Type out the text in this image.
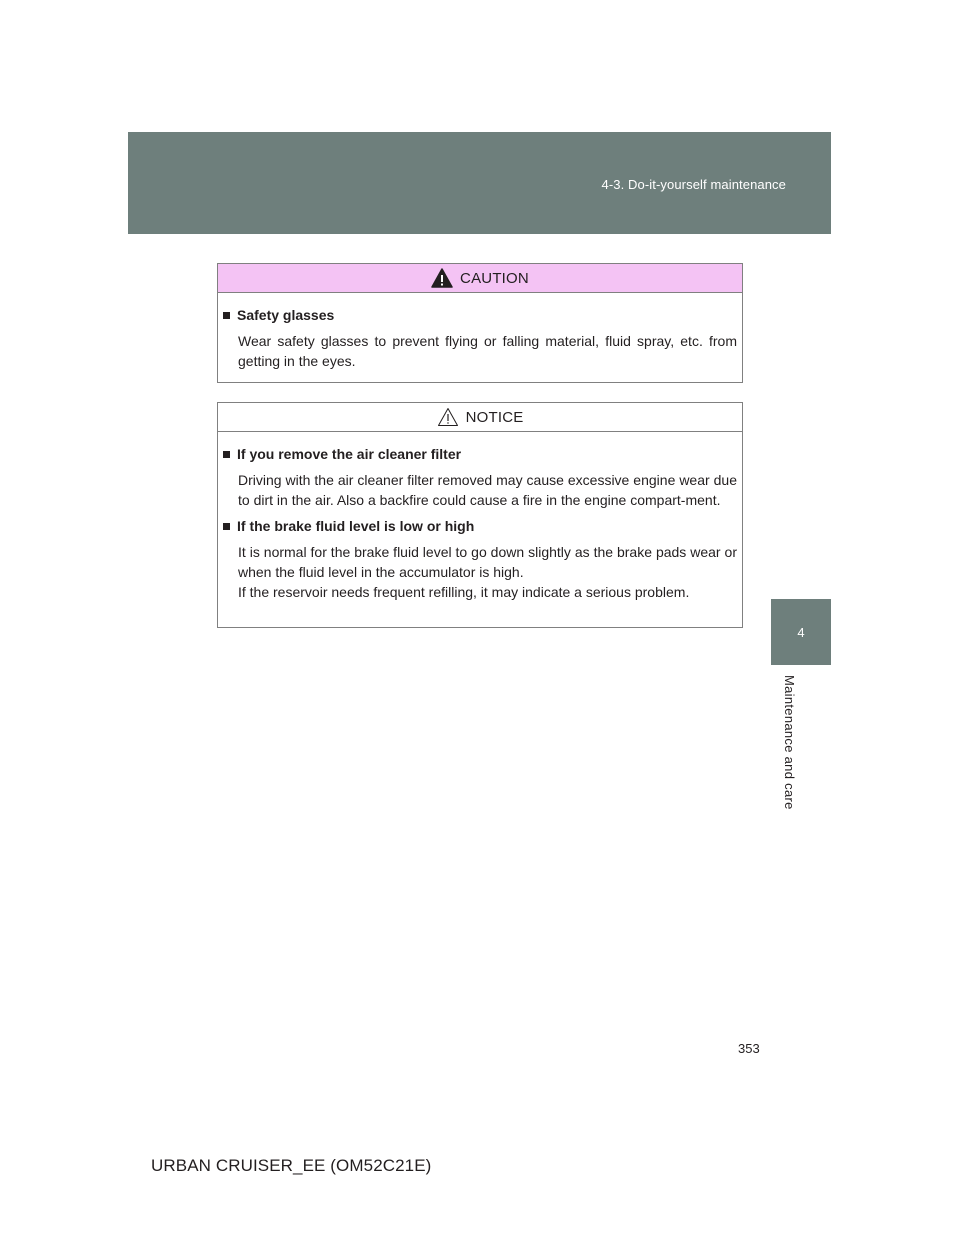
4-3. Do-it-yourself maintenance
4
Maintenance and care
CAUTION
Safety glasses
Wear safety glasses to prevent flying or falling material, fluid spray, etc. from getting in the eyes.
NOTICE
If you remove the air cleaner filter
Driving with the air cleaner filter removed may cause excessive engine wear due to dirt in the air. Also a backfire could cause a fire in the engine compart-ment.
If the brake fluid level is low or high
It is normal for the brake fluid level to go down slightly as the brake pads wear or when the fluid level in the accumulator is high.
If the reservoir needs frequent refilling, it may indicate a serious problem.
353
URBAN CRUISER_EE (OM52C21E)
